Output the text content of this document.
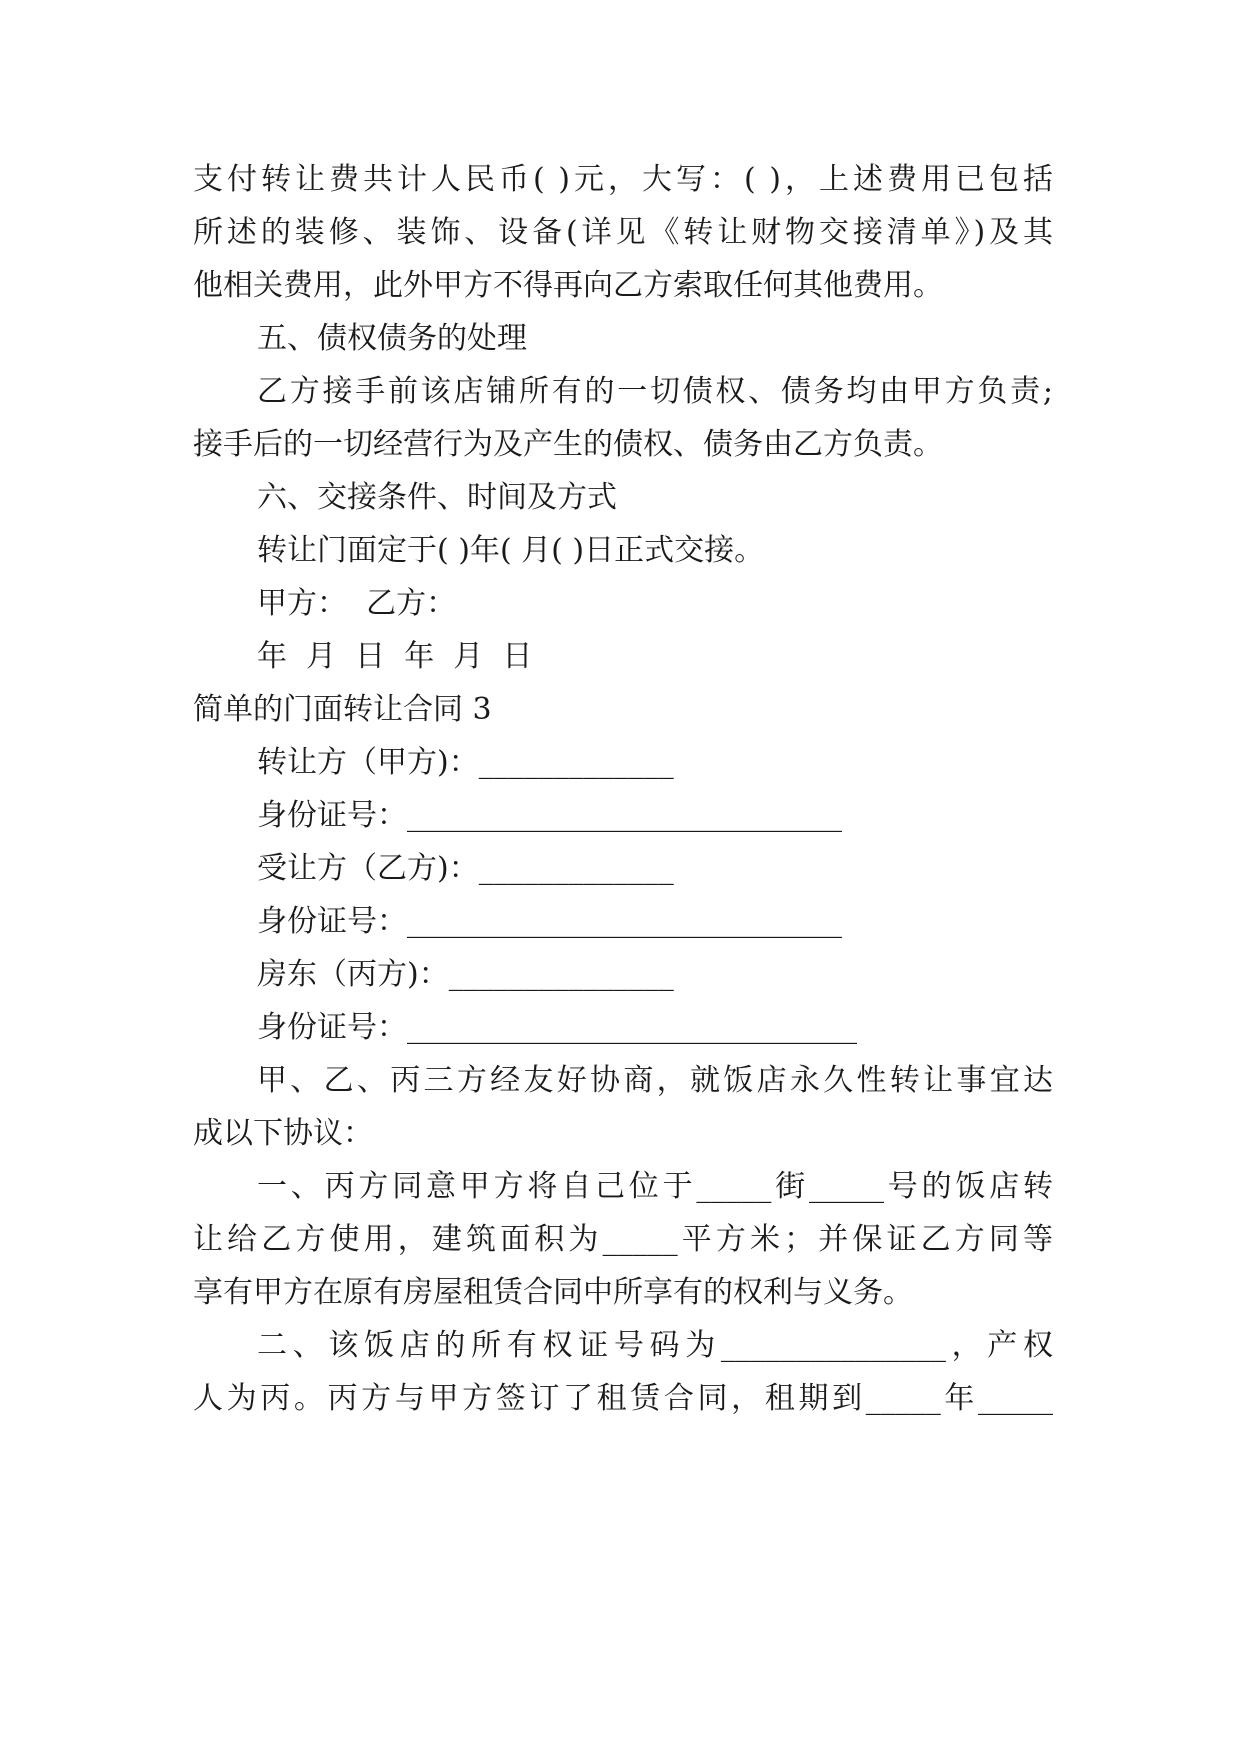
支付转让费共计人民币( )元，大写：( )，上述费用已包括
所述的装修、装饰、设备(详见《转让财物交接清单》)及其
他相关费用，此外甲方不得再向乙方索取任何其他费用。
五、债权债务的处理
乙方接手前该店铺所有的一切债权、债务均由甲方负责;
接手后的一切经营行为及产生的债权、债务由乙方负责。
六、交接条件、时间及方式
转让门面定于( )年( 月( )日正式交接。
甲方：  乙方：
年  月  日  年  月  日
简单的门面转让合同 3
转让方（甲方)：_____________
身份证号：_____________________________
受让方（乙方)：_____________
身份证号：_____________________________
房东（丙方)：_______________
身份证号：______________________________
甲、乙、丙三方经友好协商，就饭店永久性转让事宜达
成以下协议：
一、丙方同意甲方将自己位于_____街_____号的饭店转
让给乙方使用，建筑面积为_____平方米；并保证乙方同等
享有甲方在原有房屋租赁合同中所享有的权利与义务。
二、该饭店的所有权证号码为_______________，产权
人为丙。丙方与甲方签订了租赁合同，租期到_____年_____
